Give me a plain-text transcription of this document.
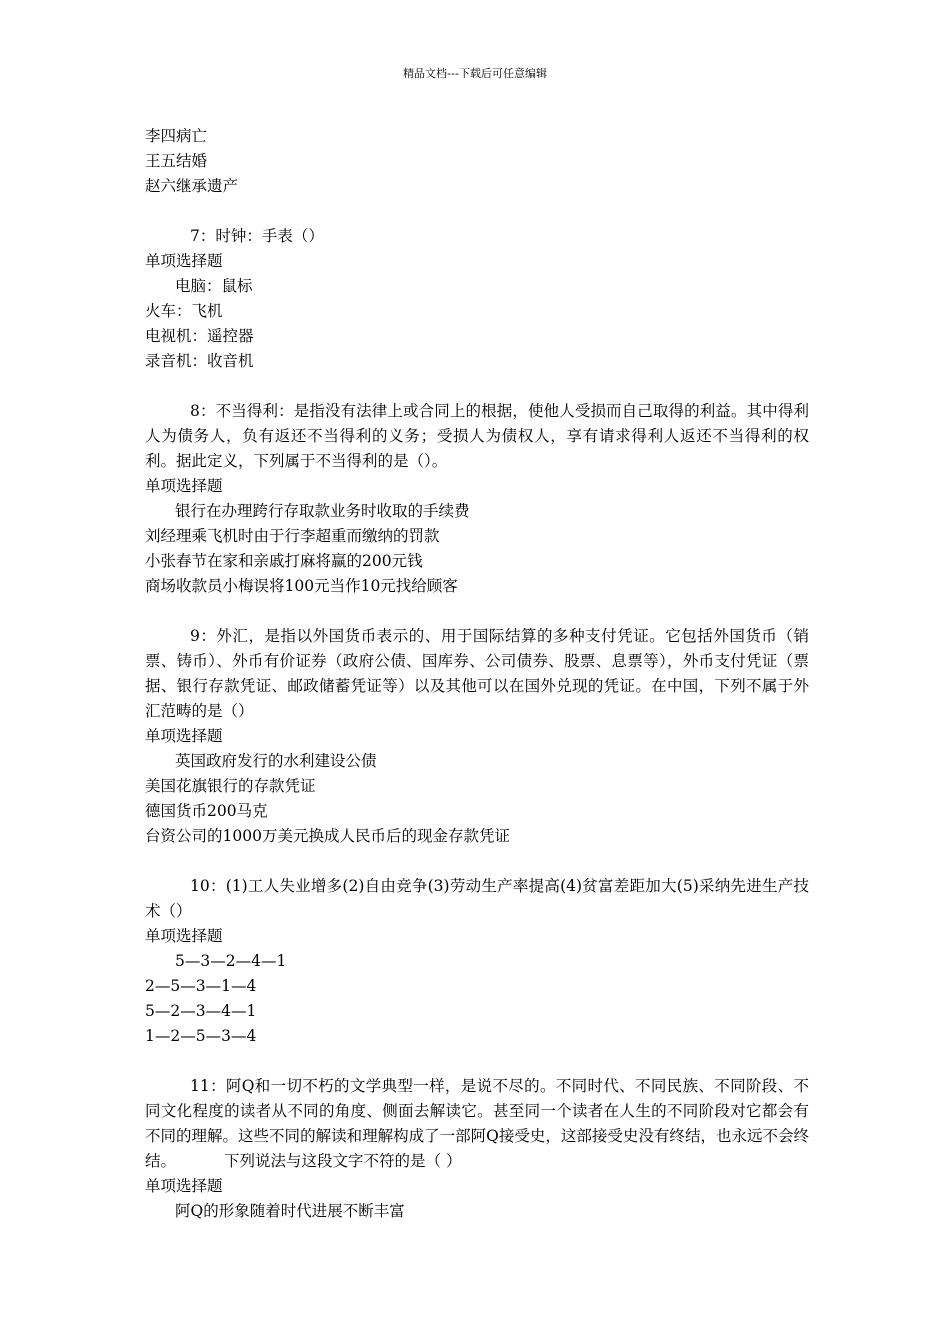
精品文档---下载后可任意编辑

李四病亡

王五结婚

赵六继承遗产

7：时钟：手表（）

单项选择题

电脑：鼠标

火车：飞机

电视机：遥控器

录音机：收音机

8：不当得利：是指没有法律上或合同上的根据，使他人受损而自己取得的利益。其中得利人为债务人，负有返还不当得利的义务；受损人为债权人，享有请求得利人返还不当得利的权利。据此定义，下列属于不当得利的是（）。

单项选择题

银行在办理跨行存取款业务时收取的手续费

刘经理乘飞机时由于行李超重而缴纳的罚款

小张春节在家和亲戚打麻将赢的200元钱

商场收款员小梅误将100元当作10元找给顾客

9：外汇，是指以外国货币表示的、用于国际结算的多种支付凭证。它包括外国货币（销票、铸币）、外币有价证券（政府公债、国库券、公司债券、股票、息票等），外币支付凭证（票据、银行存款凭证、邮政储蓄凭证等）以及其他可以在国外兑现的凭证。在中国，下列不属于外汇范畴的是（）

单项选择题

英国政府发行的水利建设公债

美国花旗银行的存款凭证

德国货币200马克

台资公司的1000万美元换成人民币后的现金存款凭证

10：(1)工人失业增多(2)自由竞争(3)劳动生产率提高(4)贫富差距加大(5)采纳先进生产技术（）

单项选择题

5—3—2—4—1

2—5—3—1—4

5—2—3—4—1

1—2—5—3—4

11：阿Q和一切不朽的文学典型一样，是说不尽的。不同时代、不同民族、不同阶段、不同文化程度的读者从不同的角度、侧面去解读它。甚至同一个读者在人生的不同阶段对它都会有不同的理解。这些不同的解读和理解构成了一部阿Q接受史，这部接受史没有终结，也永远不会终结。	下列说法与这段文字不符的是（ ）

单项选择题

阿Q的形象随着时代进展不断丰富
